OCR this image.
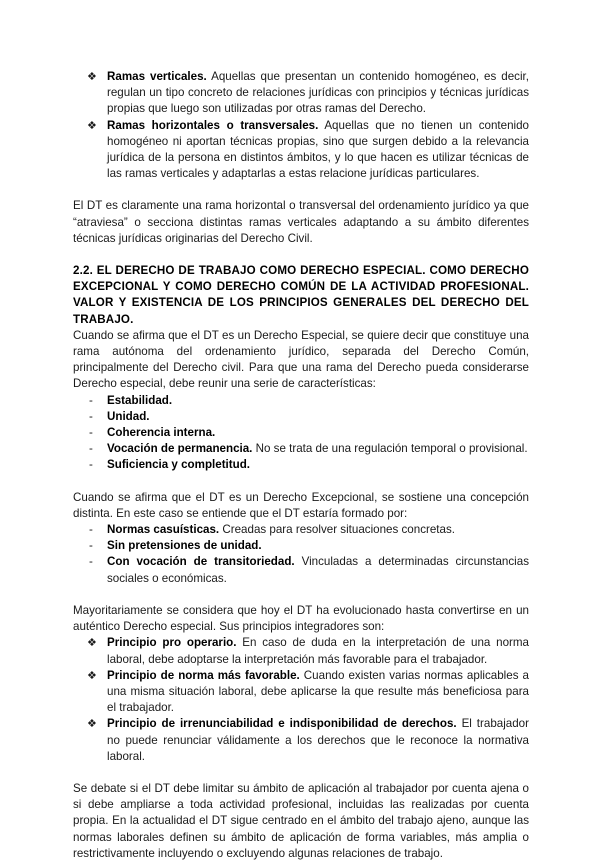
❖ Ramas verticales. Aquellas que presentan un contenido homogéneo, es decir, regulan un tipo concreto de relaciones jurídicas con principios y técnicas jurídicas propias que luego son utilizadas por otras ramas del Derecho.
❖ Ramas horizontales o transversales. Aquellas que no tienen un contenido homogéneo ni aportan técnicas propias, sino que surgen debido a la relevancia jurídica de la persona en distintos ámbitos, y lo que hacen es utilizar técnicas de las ramas verticales y adaptarlas a estas relacione jurídicas particulares.

El DT es claramente una rama horizontal o transversal del ordenamiento jurídico ya que “atraviesa” o secciona distintas ramas verticales adaptando a su ámbito diferentes técnicas jurídicas originarias del Derecho Civil.

2.2. EL DERECHO DE TRABAJO COMO DERECHO ESPECIAL. COMO DERECHO EXCEPCIONAL Y COMO DERECHO COMÚN DE LA ACTIVIDAD PROFESIONAL. VALOR Y EXISTENCIA DE LOS PRINCIPIOS GENERALES DEL DERECHO DEL TRABAJO.

Cuando se afirma que el DT es un Derecho Especial, se quiere decir que constituye una rama autónoma del ordenamiento jurídico, separada del Derecho Común, principalmente del Derecho civil. Para que una rama del Derecho pueda considerarse Derecho especial, debe reunir una serie de características:

- Estabilidad.
- Unidad.
- Coherencia interna.
- Vocación de permanencia. No se trata de una regulación temporal o provisional.
- Suficiencia y completitud.

Cuando se afirma que el DT es un Derecho Excepcional, se sostiene una concepción distinta. En este caso se entiende que el DT estaría formado por:

- Normas casuísticas. Creadas para resolver situaciones concretas.
- Sin pretensiones de unidad.
- Con vocación de transitoriedad. Vinculadas a determinadas circunstancias sociales o económicas.

Mayoritariamente se considera que hoy el DT ha evolucionado hasta convertirse en un auténtico Derecho especial. Sus principios integradores son:

❖ Principio pro operario. En caso de duda en la interpretación de una norma laboral, debe adoptarse la interpretación más favorable para el trabajador.
❖ Principio de norma más favorable. Cuando existen varias normas aplicables a una misma situación laboral, debe aplicarse la que resulte más beneficiosa para el trabajador.
❖ Principio de irrenunciabilidad e indisponibilidad de derechos. El trabajador no puede renunciar válidamente a los derechos que le reconoce la normativa laboral.

Se debate si el DT debe limitar su ámbito de aplicación al trabajador por cuenta ajena o si debe ampliarse a toda actividad profesional, incluidas las realizadas por cuenta propia. En la actualidad el DT sigue centrado en el ámbito del trabajo ajeno, aunque las normas laborales definen su ámbito de aplicación de forma variables, más amplia o restrictivamente incluyendo o excluyendo algunas relaciones de trabajo.
